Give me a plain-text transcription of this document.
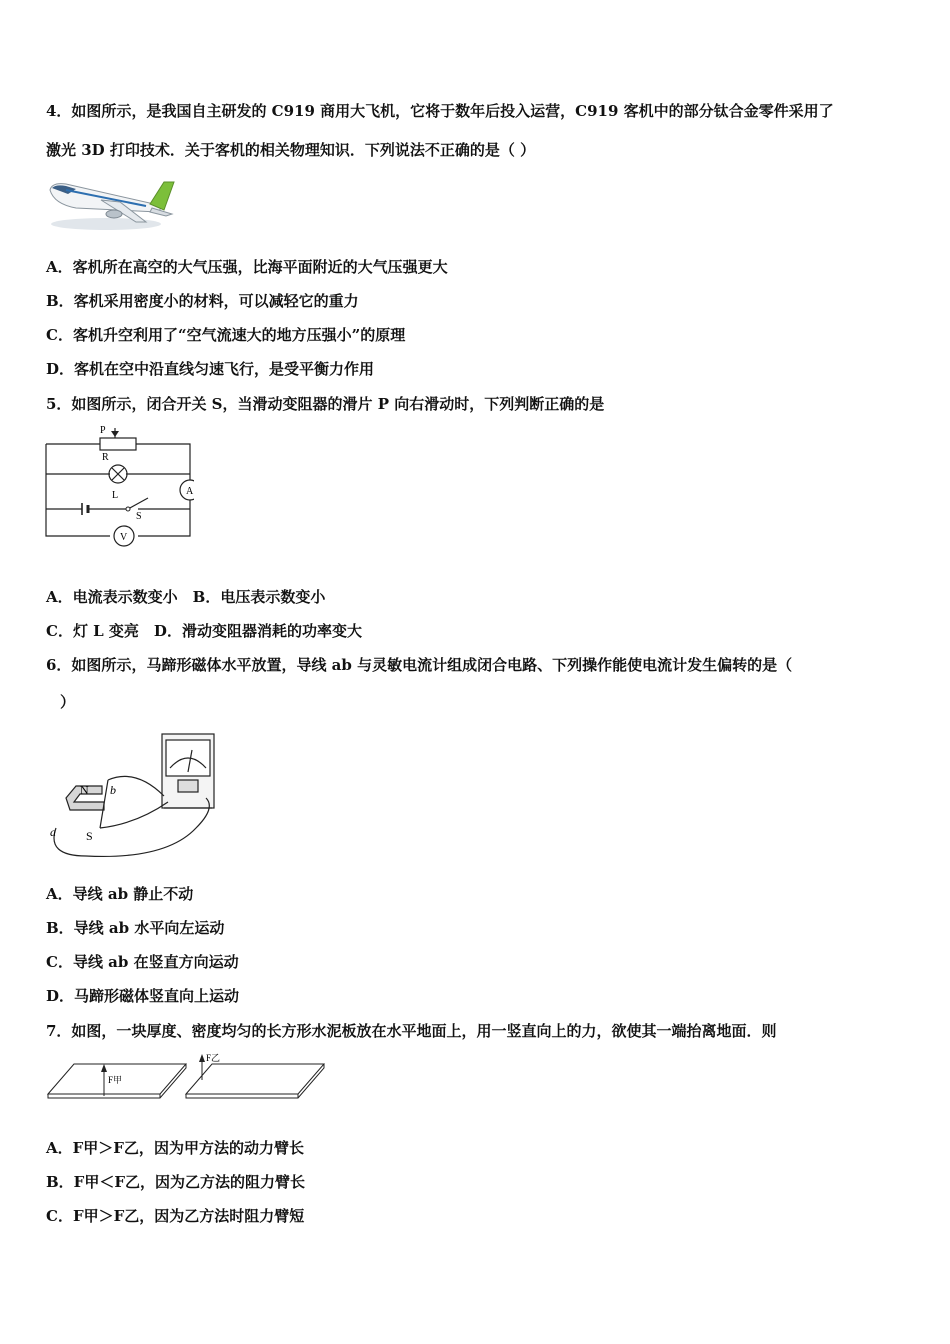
4．如图所示，是我国自主研发的 C919 商用大飞机，它将于数年后投入运营，C919 客机中的部分钛合金零件采用了
激光 3D 打印技术．关于客机的相关物理知识．下列说法不正确的是（ ）
A．客机所在高空的大气压强，比海平面附近的大气压强更大
B．客机采用密度小的材料，可以减轻它的重力
C．客机升空利用了“空气流速大的地方压强小”的原理
D．客机在空中沿直线匀速飞行，是受平衡力作用
5．如图所示，闭合开关 S，当滑动变阻器的滑片 P 向右滑动时，下列判断正确的是
P
R
L
S
A
V
A．电流表示数变小　B．电压表示数变小
C．灯 L 变亮　D．滑动变阻器消耗的功率变大
6．如图所示，马蹄形磁体水平放置，导线 ab 与灵敏电流计组成闭合电路、下列操作能使电流计发生偏转的是（
）
N
S
a
b
A．导线 ab 静止不动
B．导线 ab 水平向左运动
C．导线 ab 在竖直方向运动
D．马蹄形磁体竖直向上运动
7．如图，一块厚度、密度均匀的长方形水泥板放在水平地面上，用一竖直向上的力，欲使其一端抬离地面．则
F甲
F乙
A．F甲＞F乙，因为甲方法的动力臂长
B．F甲＜F乙，因为乙方法的阻力臂长
C．F甲＞F乙，因为乙方法时阻力臂短
